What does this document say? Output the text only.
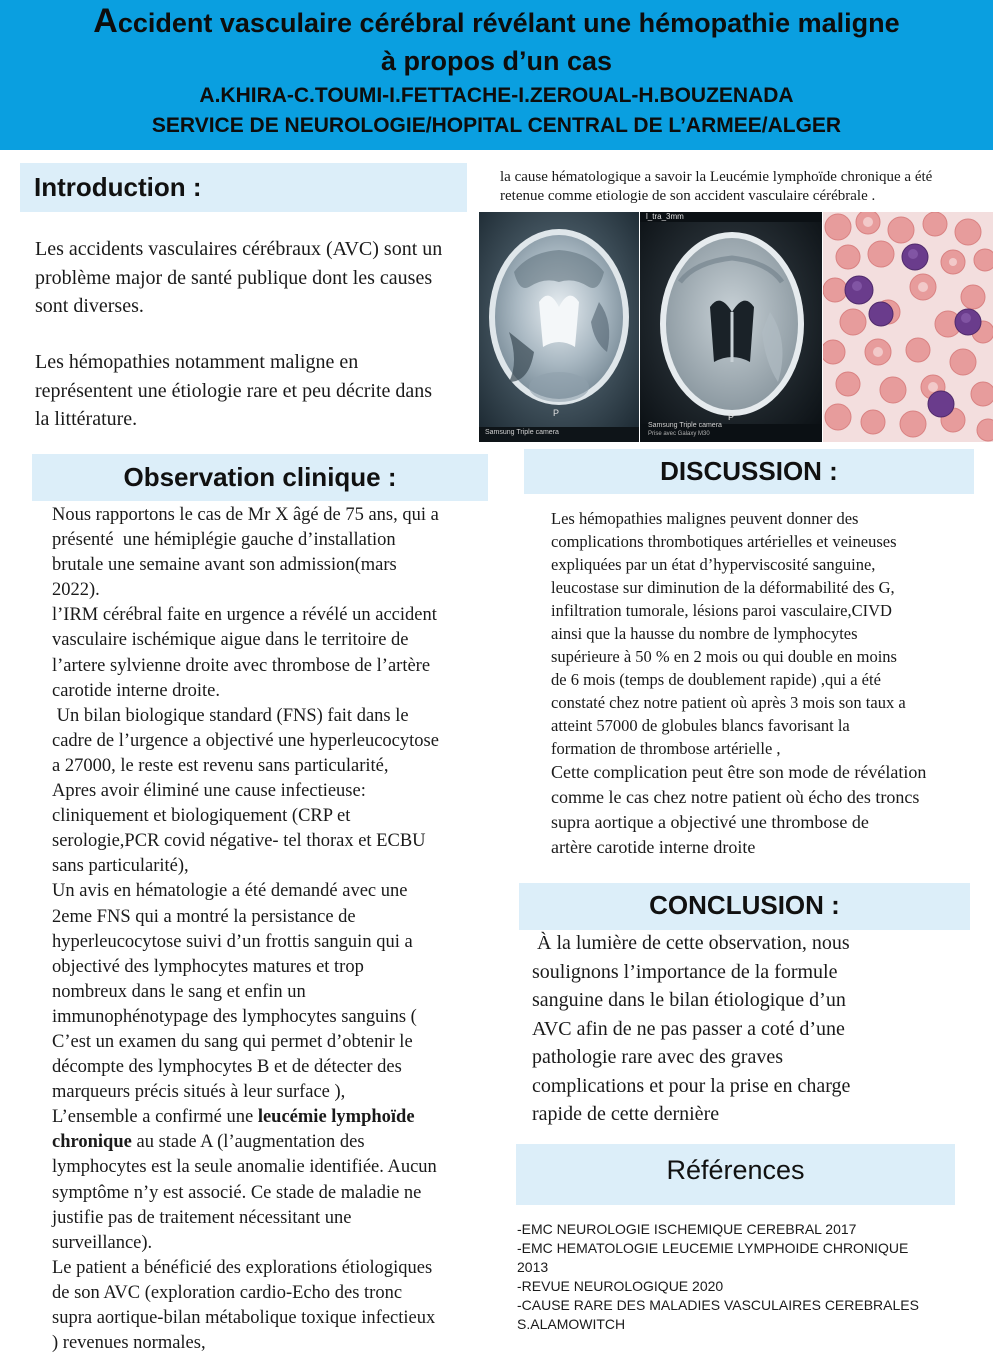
Accident vasculaire cérébral révélant une hémopathie maligne
à propos d’un cas
A.KHIRA-C.TOUMI-I.FETTACHE-I.ZEROUAL-H.BOUZENADA
SERVICE DE NEUROLOGIE/HOPITAL CENTRAL DE L’ARMEE/ALGER
Introduction :
Les accidents vasculaires cérébraux (AVC) sont un problème major de santé publique dont les causes sont diverses.
Les hémopathies notamment maligne en représentent une étiologie rare et peu décrite dans la littérature.
la cause hématologique a savoir la Leucémie lymphoïde chronique a été retenue comme etiologie de son accident vasculaire cérébrale .
P
Samsung Triple camera
l_tra_3mm
P
Samsung Triple camera
Prise avec Galaxy M30
Observation clinique :
Nous rapportons le cas de Mr X âgé de 75 ans, qui a
présenté  une hémiplégie gauche d’installation
brutale une semaine avant son admission(mars
2022).
l’IRM cérébral faite en urgence a révélé un accident
vasculaire ischémique aigue dans le territoire de
l’artere sylvienne droite avec thrombose de l’artère
carotide interne droite.
Un bilan biologique standard (FNS) fait dans le
cadre de l’urgence a objectivé une hyperleucocytose
a 27000, le reste est revenu sans particularité,
Apres avoir éliminé une cause infectieuse:
cliniquement et biologiquement (CRP et
serologie,PCR covid négative- tel thorax et ECBU
sans particularité),
Un avis en hématologie a été demandé avec une
2eme FNS qui a montré la persistance de
hyperleucocytose suivi d’un frottis sanguin qui a
objectivé des lymphocytes matures et trop
nombreux dans le sang et enfin un
immunophénotypage des lymphocytes sanguins (
C’est un examen du sang qui permet d’obtenir le
décompte des lymphocytes B et de détecter des
marqueurs précis situés à leur surface ),
L’ensemble a confirmé une leucémie lymphoïde
chronique au stade A (l’augmentation des
lymphocytes est la seule anomalie identifiée. Aucun
symptôme n’y est associé. Ce stade de maladie ne
justifie pas de traitement nécessitant une
surveillance).
Le patient a bénéficié des explorations étiologiques
de son AVC (exploration cardio-Echo des tronc
supra aortique-bilan métabolique toxique infectieux
) revenues normales,
DISCUSSION :
Les hémopathies malignes peuvent donner des
complications thrombotiques artérielles et veineuses
expliquées par un état d’hyperviscosité sanguine,
leucostase sur diminution de la déformabilité des G,
infiltration tumorale, lésions paroi vasculaire,CIVD
ainsi que la hausse du nombre de lymphocytes
supérieure à 50 % en 2 mois ou qui double en moins
de 6 mois (temps de doublement rapide) ,qui a été
constaté chez notre patient où après 3 mois son taux a
atteint 57000 de globules blancs favorisant la
formation de thrombose artérielle ,
Cette complication peut être son mode de révélation
comme le cas chez notre patient où écho des troncs
supra aortique a objectivé une thrombose de
artère carotide interne droite
CONCLUSION :
À la lumière de cette observation, nous
soulignons l’importance de la formule
sanguine dans le bilan étiologique d’un
AVC afin de ne pas passer a coté d’une
pathologie rare avec des graves
complications et pour la prise en charge
rapide de cette dernière
Références
-EMC NEUROLOGIE ISCHEMIQUE CEREBRAL 2017
-EMC HEMATOLOGIE LEUCEMIE LYMPHOIDE CHRONIQUE
2013
-REVUE NEUROLOGIQUE 2020
-CAUSE RARE DES MALADIES VASCULAIRES CEREBRALES
S.ALAMOWITCH
